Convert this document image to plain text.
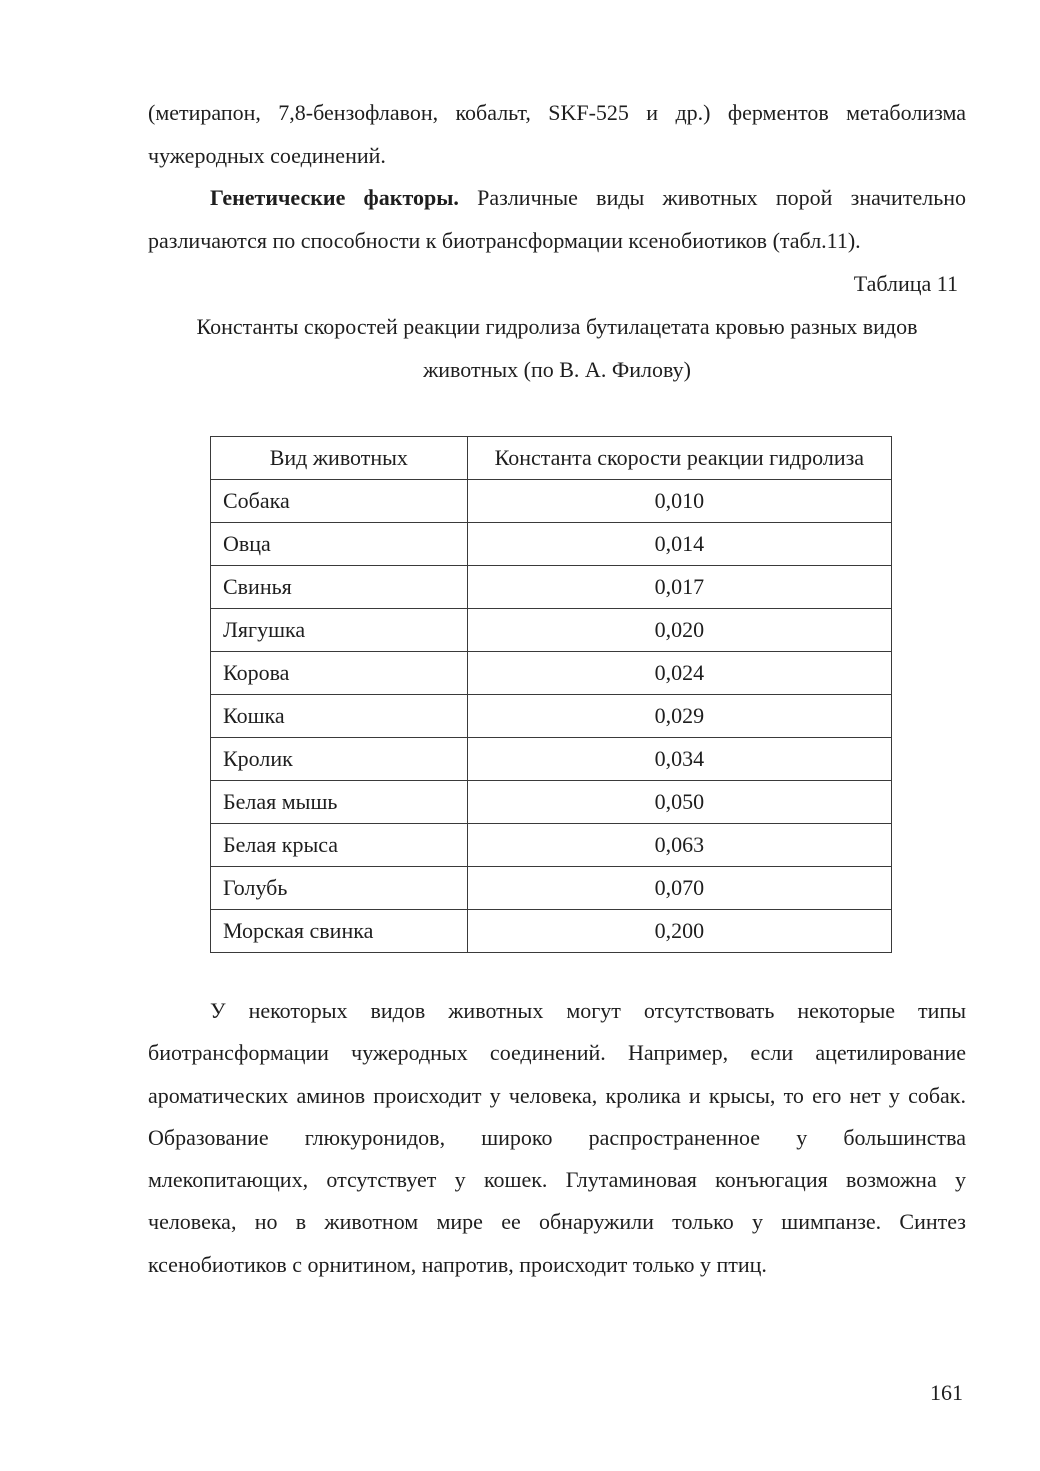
(метирапон, 7,8-бензофлавон, кобальт, SKF-525 и др.) ферментов метаболизма чужеродных соединений.

Генетические факторы. Различные виды животных порой значительно различаются по способности к биотрансформации ксенобиотиков (табл.11).

Таблица 11

Константы скоростей реакции гидролиза бутилацетата кровью разных видов животных (по В. А. Филову)

Вид животных	Константа скорости реакции гидролиза
Собака	0,010
Овца	0,014
Свинья	0,017
Лягушка	0,020
Корова	0,024
Кошка	0,029
Кролик	0,034
Белая мышь	0,050
Белая крыса	0,063
Голубь	0,070
Морская свинка	0,200

У некоторых видов животных могут отсутствовать некоторые типы биотрансформации чужеродных соединений. Например, если ацетилирование ароматических аминов происходит у человека, кролика и крысы, то его нет у собак. Образование глюкуронидов, широко распространенное у большинства млекопитающих, отсутствует у кошек. Глутаминовая конъюгация возможна у человека, но в животном мире ее обнаружили только у шимпанзе. Синтез ксенобиотиков с орнитином, напротив, происходит только у птиц.

161
